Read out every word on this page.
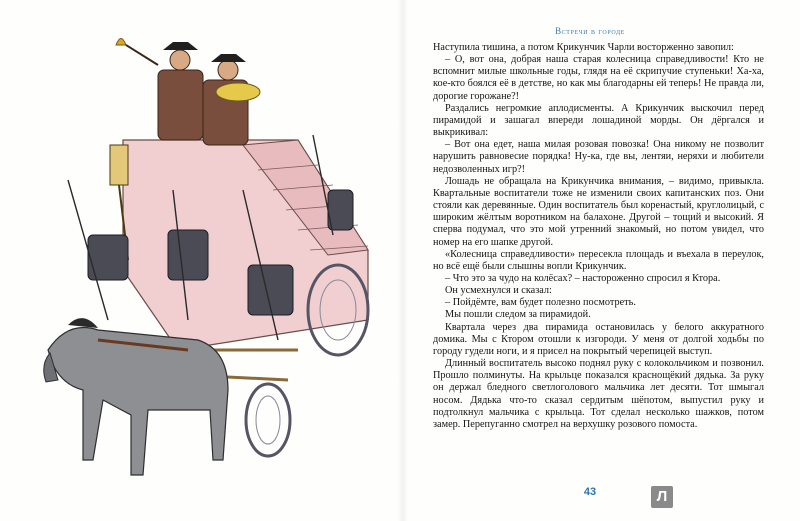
Встречи в городе

Наступила тишина, а потом Крикунчик Чарли восторженно завопил:

– О, вот она, добрая наша старая колесница справедливости! Кто не вспомнит милые школьные годы, глядя на её скрипучие ступеньки! Ха-ха, кое-кто боялся её в детстве, но как мы благодарны ей теперь! Не правда ли, дорогие горожане?!

Раздались негромкие аплодисменты. А Крикунчик выскочил перед пирамидой и зашагал впереди лошадиной морды. Он дёргался и выкрикивал:

– Вот она едет, наша милая розовая повозка! Она никому не позволит нарушить равновесие порядка! Ну-ка, где вы, лентяи, неряхи и любители недозволенных игр?!

Лошадь не обращала на Крикунчика внимания, – видимо, привыкла. Квартальные воспитатели тоже не изменили своих капитанских поз. Они стояли как деревянные. Один воспитатель был коренастый, круглолицый, с широким жёлтым воротником на балахоне. Другой – тощий и высокий. Я сперва подумал, что это мой утренний знакомый, но потом увидел, что номер на его шапке другой.

«Колесница справедливости» пересекла площадь и въехала в переулок, но всё ещё были слышны вопли Крикунчик.

– Что это за чудо на колёсах? – настороженно спросил я Ктора.

Он усмехнулся и сказал:

– Пойдёмте, вам будет полезно посмотреть.

Мы пошли следом за пирамидой.

Квартала через два пирамида остановилась у белого аккуратного домика. Мы с Ктором отошли к изгороди. У меня от долгой ходьбы по городу гудели ноги, и я присел на покрытый черепицей выступ.

Длинный воспитатель высоко поднял руку с колокольчиком и позвонил. Прошло полминуты. На крыльце показался краснощёкий дядька. За руку он держал бледного светлоголового мальчика лет десяти. Тот шмыгал носом. Дядька что-то сказал сердитым шёпотом, выпустил руку и подтолкнул мальчика с крыльца. Тот сделал несколько шажков, потом замер. Перепуганно смотрел на верхушку розового помоста.

43	Л
